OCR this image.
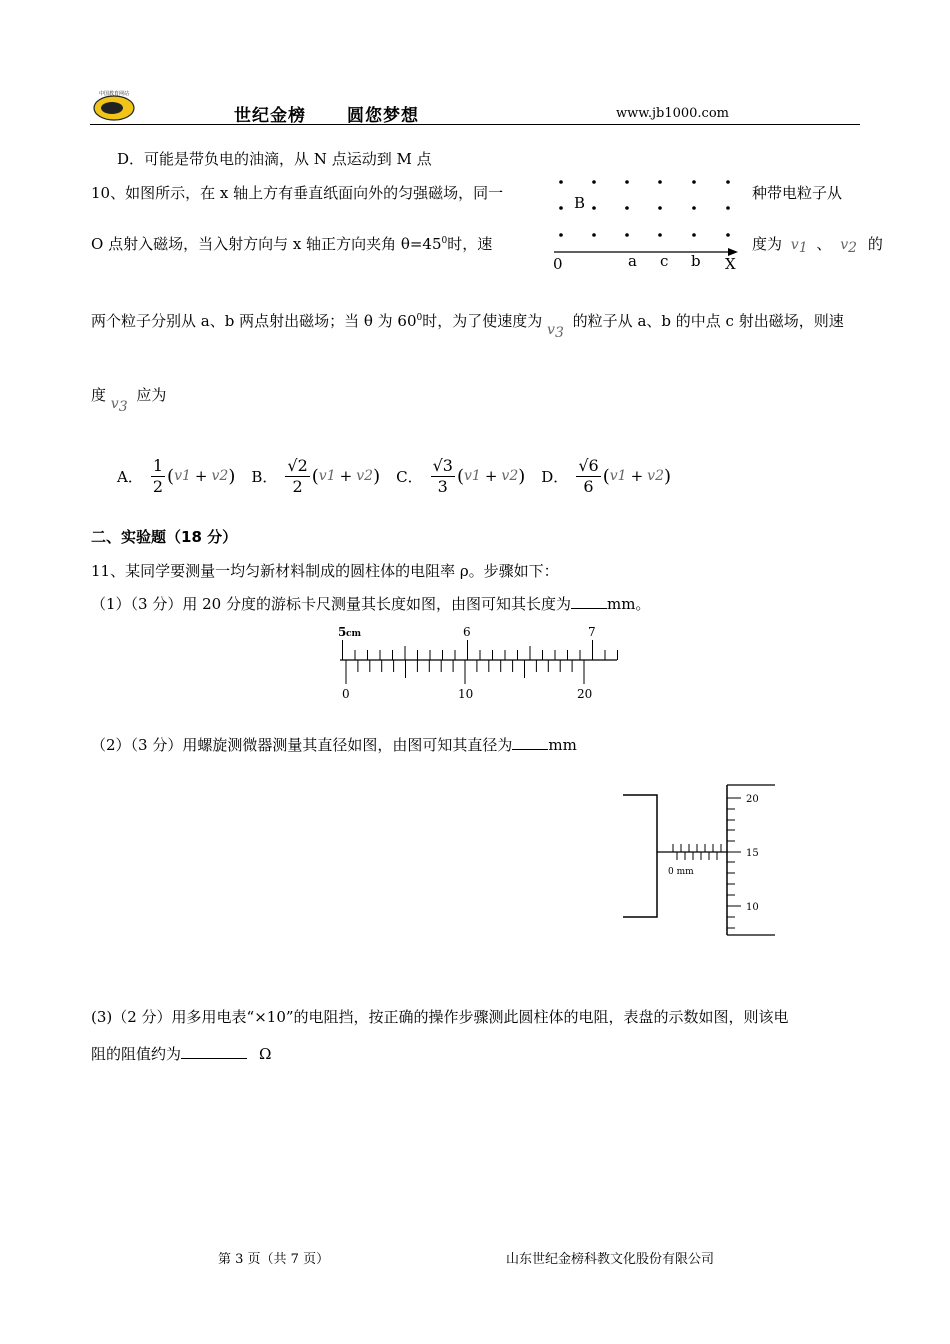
中国教育网站
世纪金榜 圆您梦想	www.jb1000.com
D．可能是带负电的油滴，从 N 点运动到 M 点
10、如图所示，在 x 轴上方有垂直纸面向外的匀强磁场，同一	种带电粒子从
O 点射入磁场，当入射方向与 x 轴正方向夹角 $\theta=45^0$时，速	度为 v1 、 v2 的
B
0	a c b X
两个粒子分别从 a、b 两点射出磁场；当 θ 为 $60^0$时，为了使速度为 v3 的粒子从 a、b 的中点 c 射出磁场，则速
度 v3 应为
A． $\frac{1}{2}$ ( v 1 + v 2 ) B． $\frac{√2}{2}$ ( v 1 + v 2 ) C． $\frac{√3}{3}$ ( v 1 + v 2 ) D． $\frac{√6}{6}$ ( v 1 + v 2 )
二、实验题（18 分）
11、某同学要测量一均匀新材料制成的圆柱体的电阻率 ρ。步骤如下：
（1）（3 分）用 20 分度的游标卡尺测量其长度如图，由图可知其长度为 mm。
5 cm	6	7
0	10	20
（2）（3 分）用螺旋测微器测量其直径如图，由图可知其直径为 mm
0 mm
20
15
10
(3)（2 分）用多用电表“×10”的电阻挡，按正确的操作步骤测此圆柱体的电阻，表盘的示数如图，则该电
阻的阻值约为	Ω
第 3 页（共 7 页）	山东世纪金榜科教文化股份有限公司
